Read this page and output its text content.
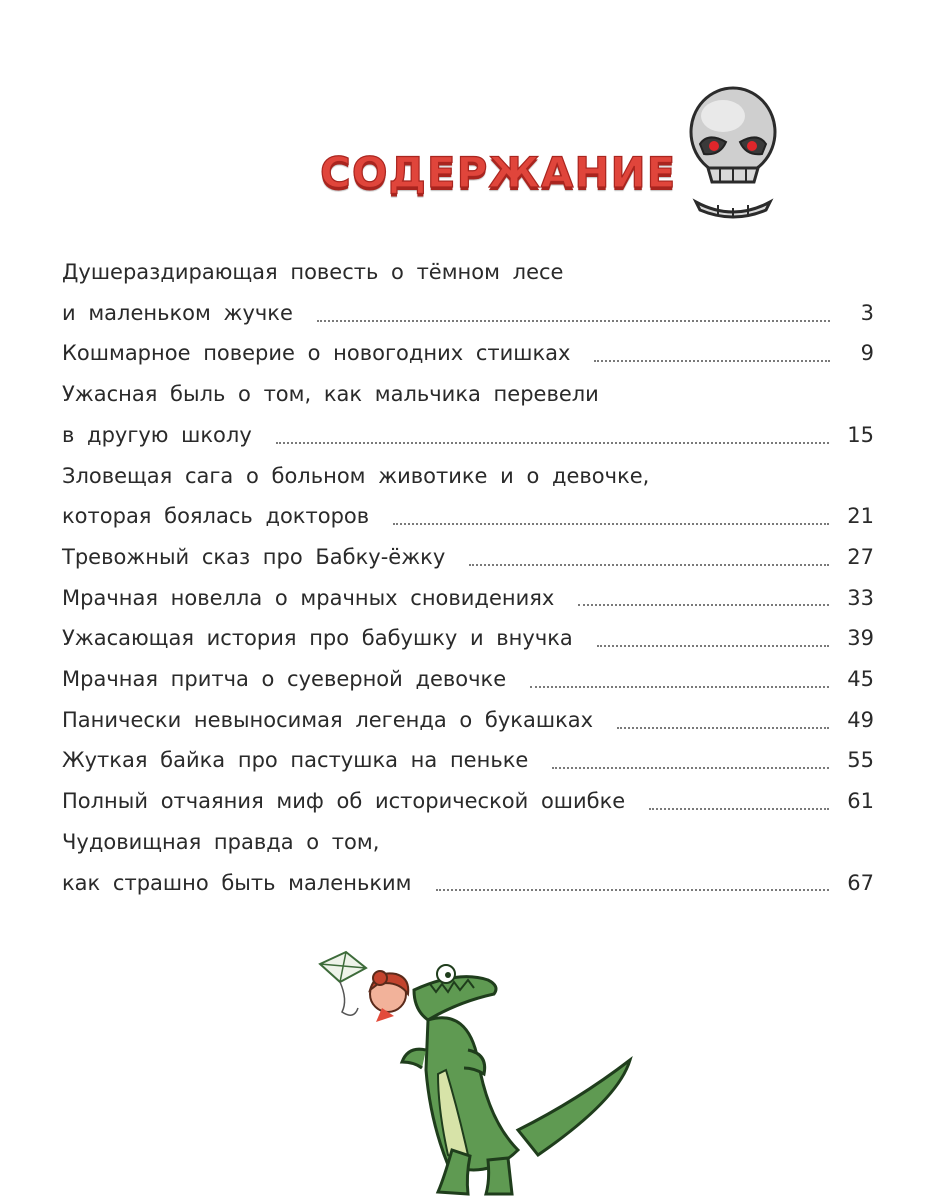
СОДЕРЖАНИЕ
Душераздирающая повесть о тёмном лесе
и маленьком жучке	3
Кошмарное поверие о новогодних стишках	9
Ужасная быль о том, как мальчика перевели
в другую школу	15
Зловещая сага о больном животике и о девочке,
которая боялась докторов	21
Тревожный сказ про Бабку-ёжку	27
Мрачная новелла о мрачных сновидениях	33
Ужасающая история про бабушку и внучка	39
Мрачная притча о суеверной девочке	45
Панически невыносимая легенда о букашках	49
Жуткая байка про пастушка на пеньке	55
Полный отчаяния миф об исторической ошибке	61
Чудовищная правда о том,
как страшно быть маленьким	67
